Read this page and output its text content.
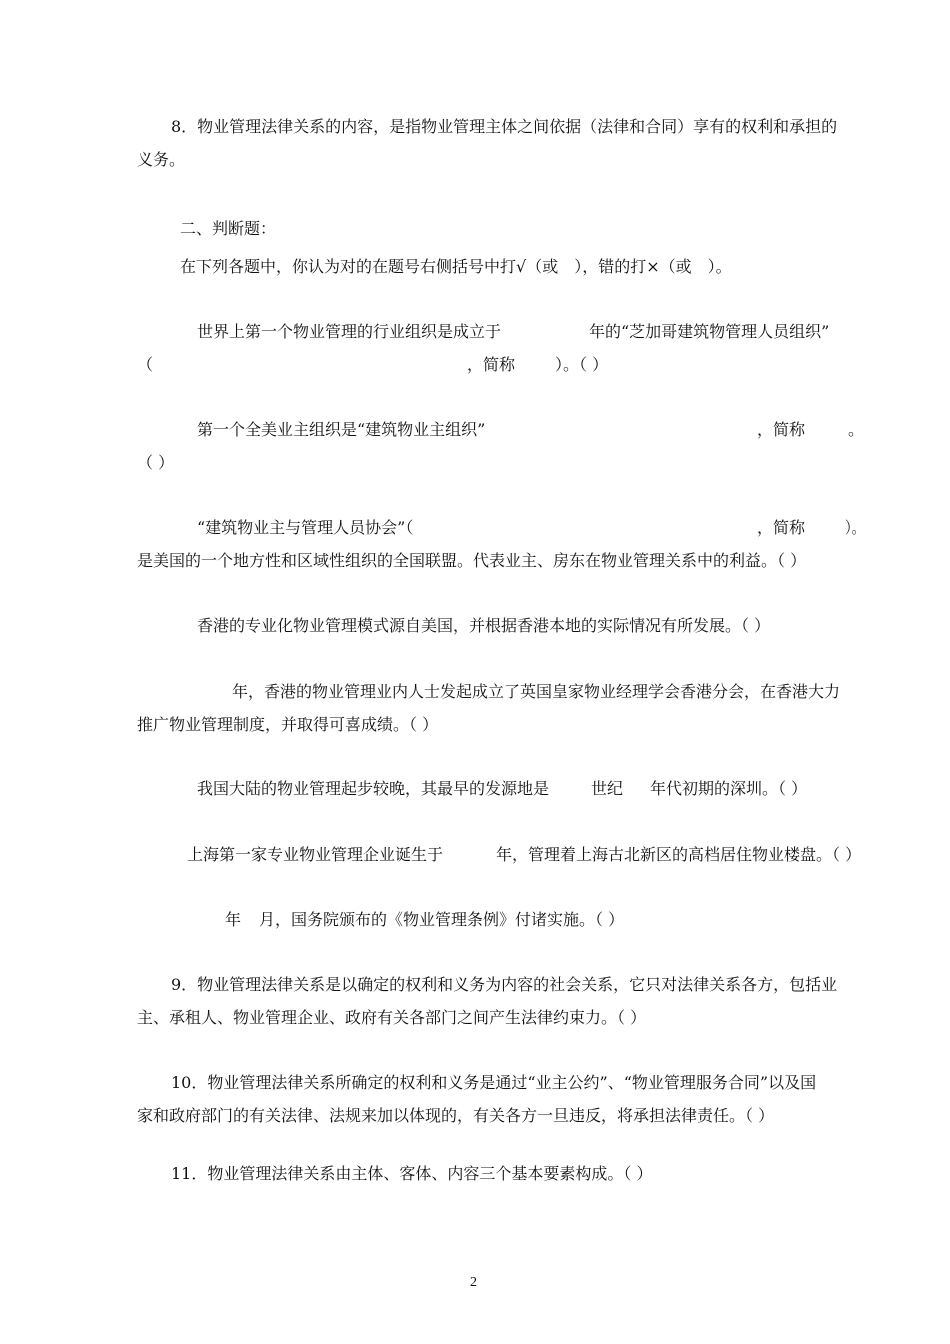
8．物业管理法律关系的内容，是指物业管理主体之间依据（法律和合同）享有的权利和承担的
义务。
二、判断题：
在下列各题中，你认为对的在题号右侧括号中打√（或　），错的打×（或　）。
世界上第一个物业管理的行业组织是成立于	年的“芝加哥建筑物管理人员组织”
（	，简称 ）。（ ）
第一个全美业主组织是“建筑物业主组织”	，简称	。
（ ）
“建筑物业主与管理人员协会”（	，简称 ）。
是美国的一个地方性和区域性组织的全国联盟。代表业主、房东在物业管理关系中的利益。（ ）
香港的专业化物业管理模式源自美国，并根据香港本地的实际情况有所发展。（ ）
年，香港的物业管理业内人士发起成立了英国皇家物业经理学会香港分会，在香港大力
推广物业管理制度，并取得可喜成绩。（ ）
我国大陆的物业管理起步较晚，其最早的发源地是	世纪 年代初期的深圳。（ ）
上海第一家专业物业管理企业诞生于	年，管理着上海古北新区的高档居住物业楼盘。（ ）
年 月，国务院颁布的《物业管理条例》付诸实施。（ ）
9．物业管理法律关系是以确定的权利和义务为内容的社会关系，它只对法律关系各方，包括业
主、承租人、物业管理企业、政府有关各部门之间产生法律约束力。（ ）
10．物业管理法律关系所确定的权利和义务是通过“业主公约”、“物业管理服务合同”以及国
家和政府部门的有关法律、法规来加以体现的，有关各方一旦违反，将承担法律责任。（ ）
11．物业管理法律关系由主体、客体、内容三个基本要素构成。（ ）
2
